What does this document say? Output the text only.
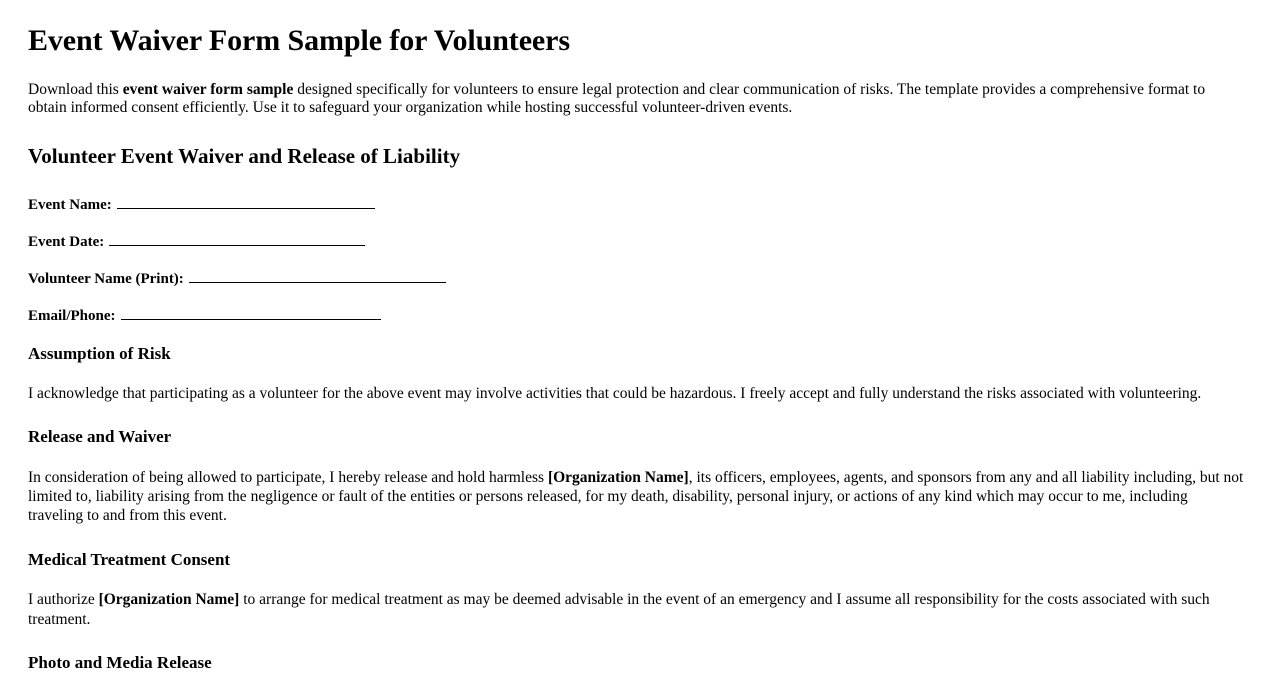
Event Waiver Form Sample for Volunteers

Download this event waiver form sample designed specifically for volunteers to ensure legal protection and clear communication of risks. The template provides a comprehensive format to obtain informed consent efficiently. Use it to safeguard your organization while hosting successful volunteer-driven events.

Volunteer Event Waiver and Release of Liability
Event Name:
Event Date:
Volunteer Name (Print):
Email/Phone:
Assumption of Risk

I acknowledge that participating as a volunteer for the above event may involve activities that could be hazardous. I freely accept and fully understand the risks associated with volunteering.

Release and Waiver

In consideration of being allowed to participate, I hereby release and hold harmless [Organization Name], its officers, employees, agents, and sponsors from any and all liability including, but not limited to, liability arising from the negligence or fault of the entities or persons released, for my death, disability, personal injury, or actions of any kind which may occur to me, including traveling to and from this event.

Medical Treatment Consent

I authorize [Organization Name] to arrange for medical treatment as may be deemed advisable in the event of an emergency and I assume all responsibility for the costs associated with such treatment.

Photo and Media Release
